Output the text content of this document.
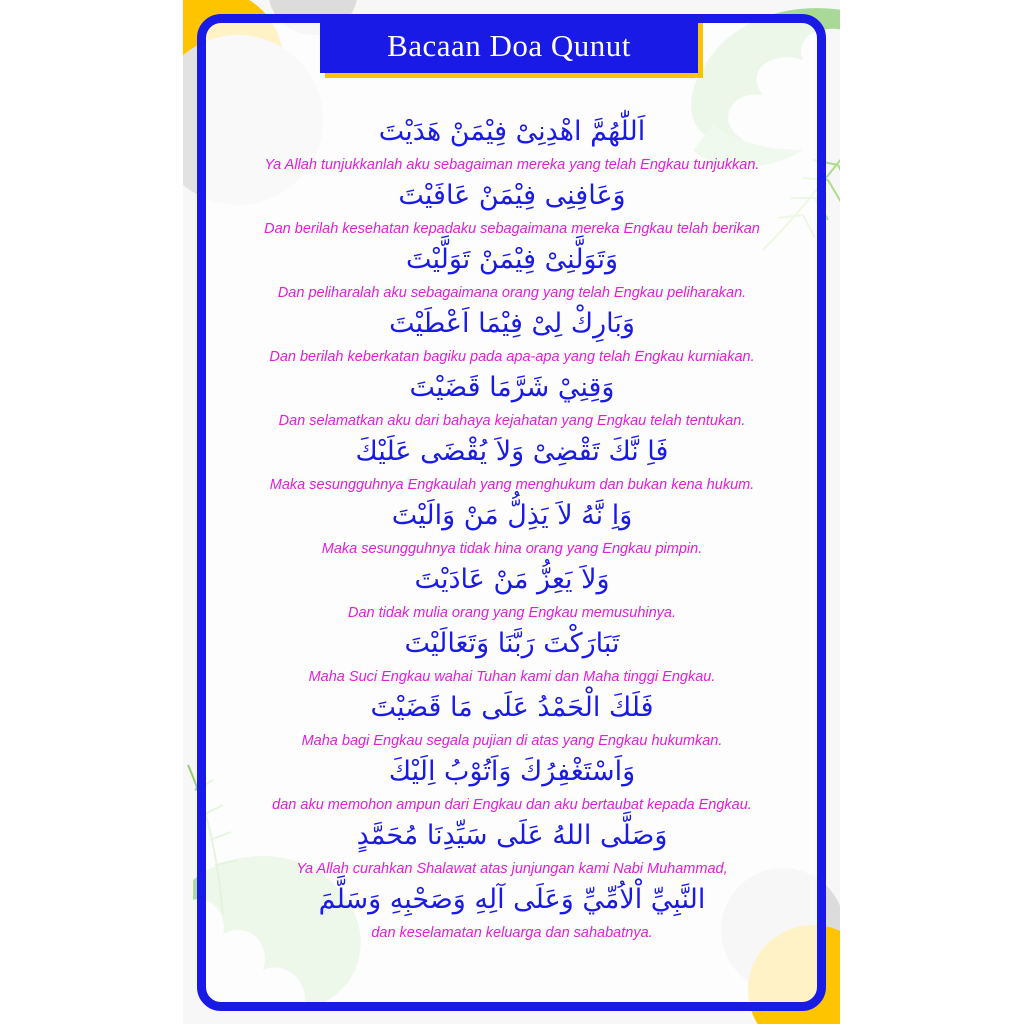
Bacaan Doa Qunut
اَللّٰهُمَّ اهْدِنِىْ فِيْمَنْ هَدَيْتَ
Ya Allah tunjukkanlah aku sebagaiman mereka yang telah Engkau tunjukkan.
وَعَافِنِى فِيْمَنْ عَافَيْتَ
Dan berilah kesehatan kepadaku sebagaimana mereka Engkau telah berikan
وَتَوَلَّنِىْ فِيْمَنْ تَوَلَّيْتَ
Dan peliharalah aku sebagaimana orang yang telah Engkau peliharakan.
وَبَارِكْ لِىْ فِيْمَا اَعْطَيْتَ
Dan berilah keberkatan bagiku pada apa-apa yang telah Engkau kurniakan.
وَقِنِيْ شَرَّمَا قَضَيْتَ
Dan selamatkan aku dari bahaya kejahatan yang Engkau telah tentukan.
فَاِ نَّكَ تَقْضِىْ وَلاَ يُقْضَى عَلَيْكَ
Maka sesungguhnya Engkaulah yang menghukum dan bukan kena hukum.
وَاِ نَّهُ لاَ يَذِلُّ مَنْ وَالَيْتَ
Maka sesungguhnya tidak hina orang yang Engkau pimpin.
وَلاَ يَعِزُّ مَنْ عَادَيْتَ
Dan tidak mulia orang yang Engkau memusuhinya.
تَبَارَكْتَ رَبَّنَا وَتَعَالَيْتَ
Maha Suci Engkau wahai Tuhan kami dan Maha tinggi Engkau.
فَلَكَ الْحَمْدُ عَلَى مَا قَضَيْتَ
Maha bagi Engkau segala pujian di atas yang Engkau hukumkan.
وَاَسْتَغْفِرُكَ وَاَتُوْبُ اِلَيْكَ
dan aku memohon ampun dari Engkau dan aku bertaubat kepada Engkau.
وَصَلَّى اللهُ عَلَى سَيِّدِنَا مُحَمَّدٍ
Ya Allah curahkan Shalawat atas junjungan kami Nabi Muhammad,
النَّبِيِّ اْلاُمِّيِّ وَعَلَى آلِهِ وَصَحْبِهِ وَسَلَّمَ
dan keselamatan keluarga dan sahabatnya.
